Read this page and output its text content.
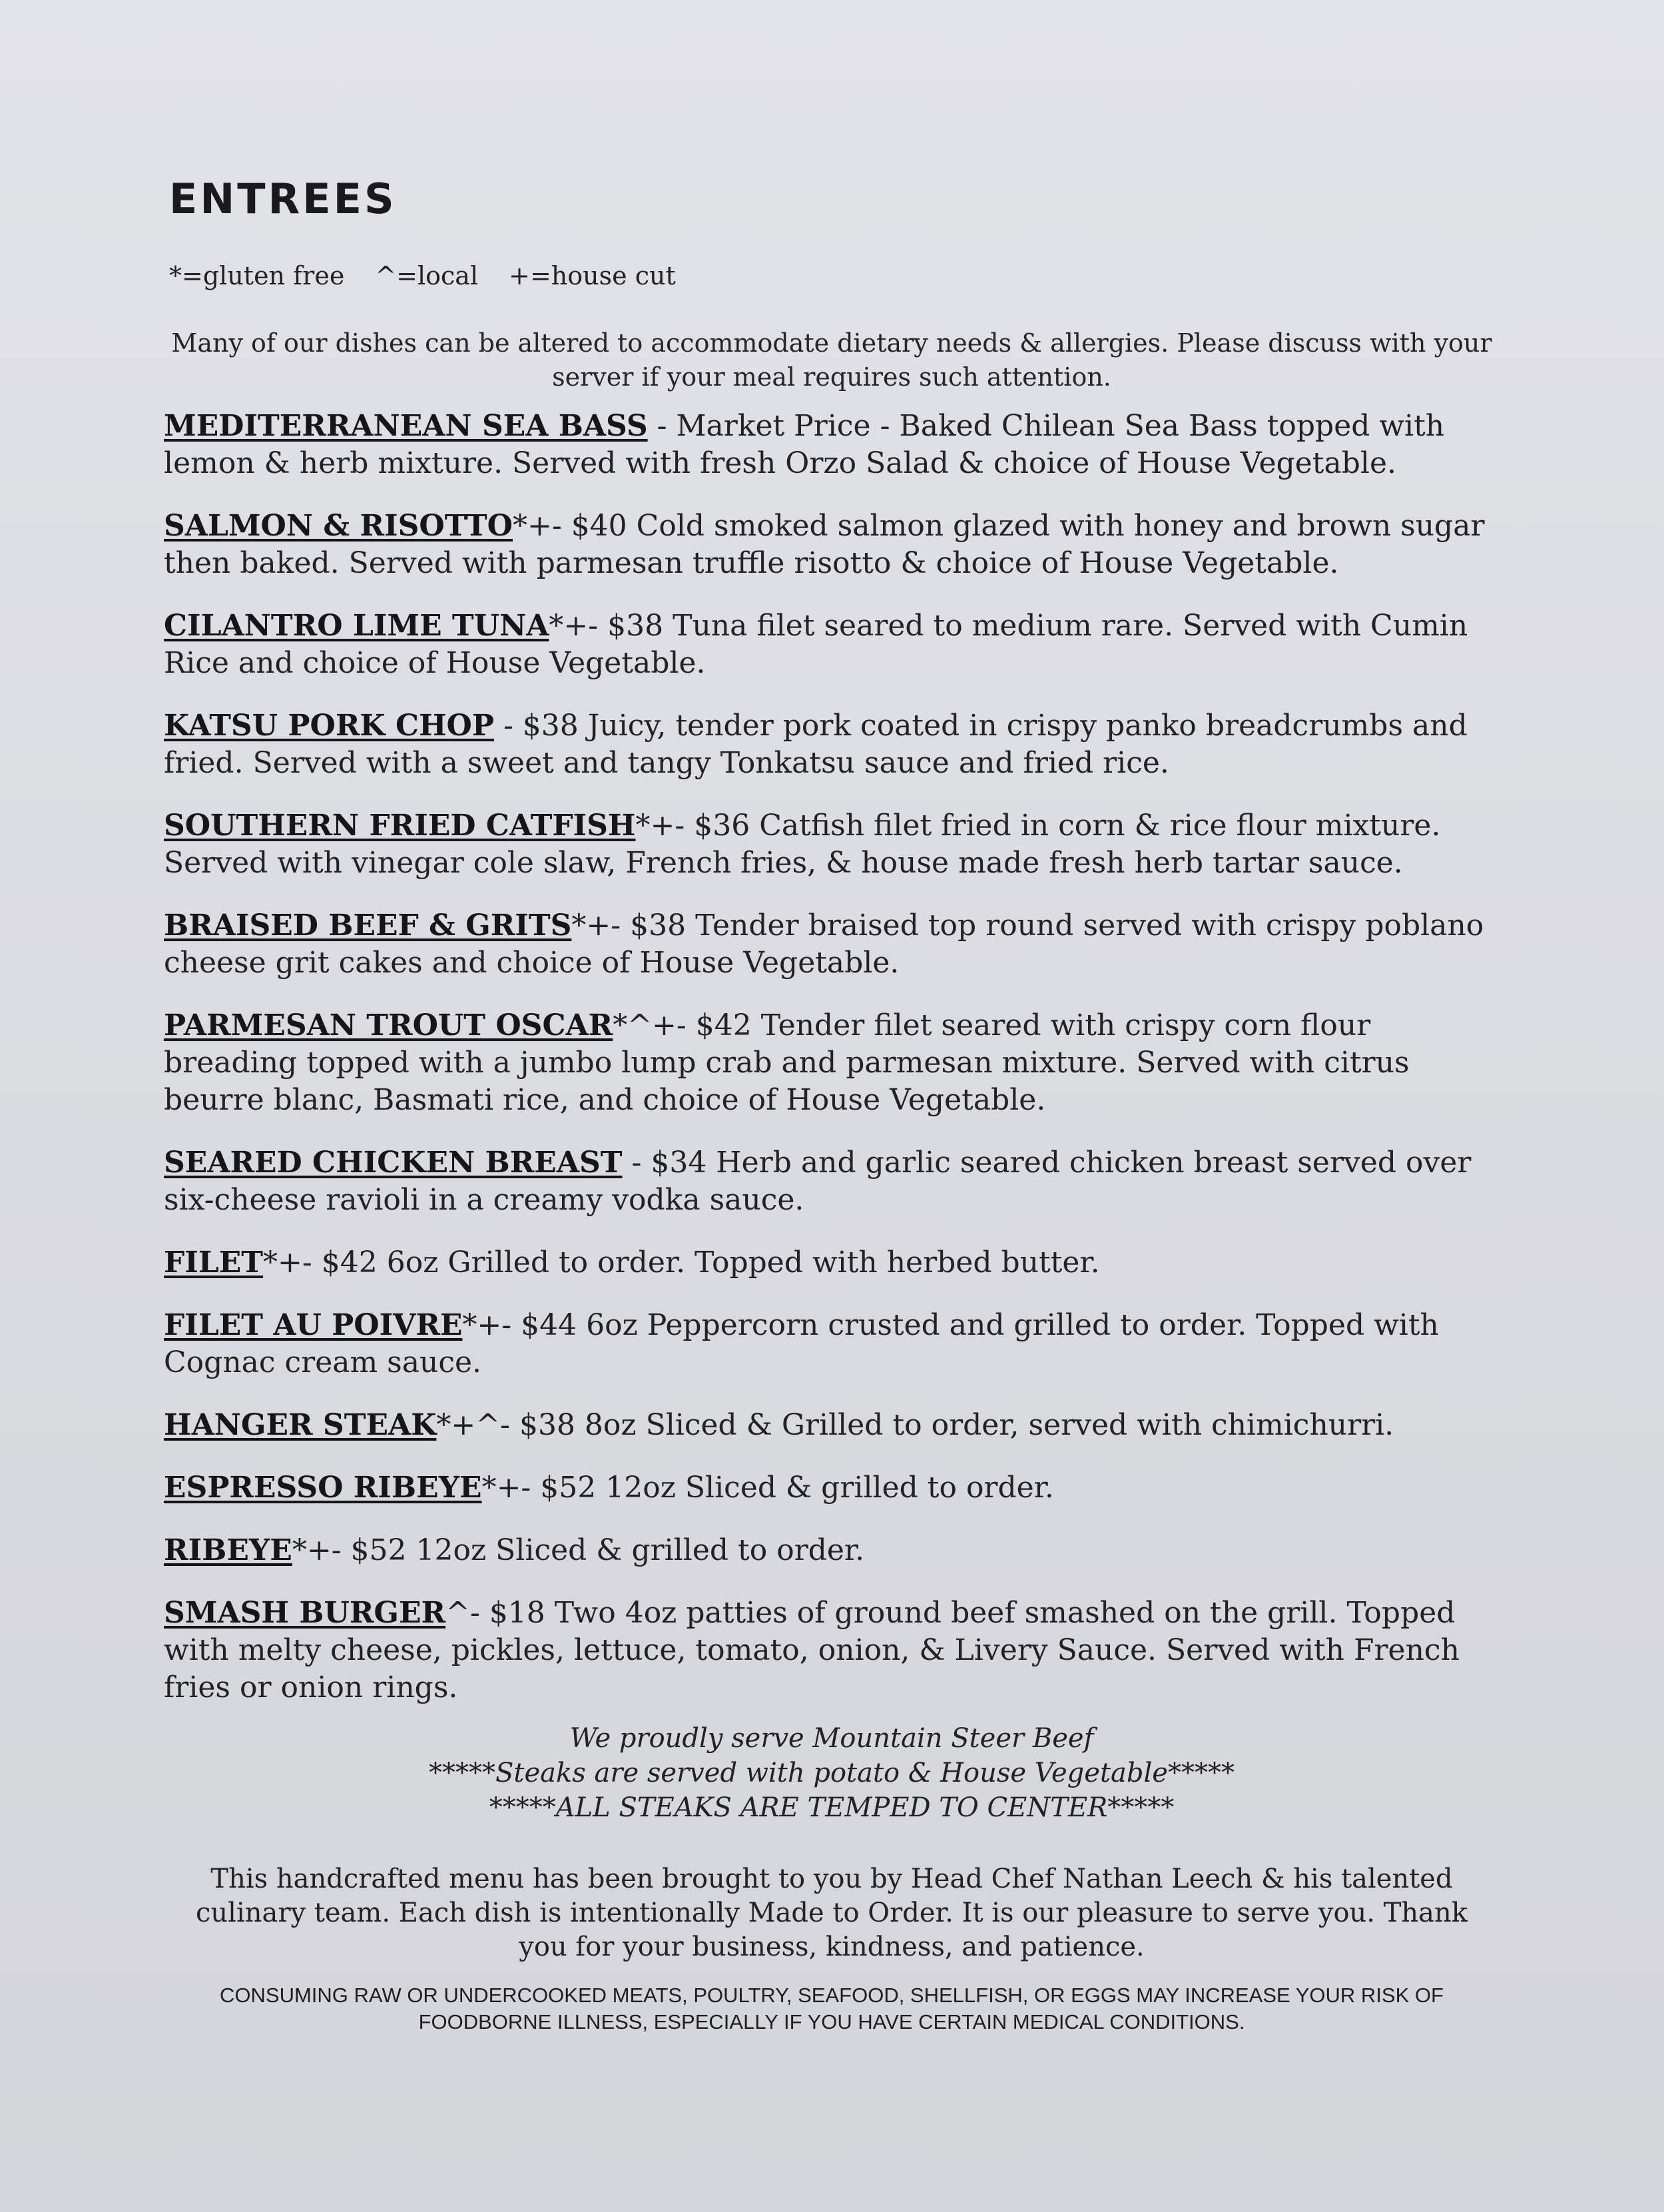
ENTREES
*=gluten free ^=local +=house cut
Many of our dishes can be altered to accommodate dietary needs & allergies. Please discuss with your server if your meal requires such attention.
MEDITERRANEAN SEA BASS - Market Price - Baked Chilean Sea Bass topped with lemon & herb mixture. Served with fresh Orzo Salad & choice of House Vegetable.
SALMON & RISOTTO*+- $40 Cold smoked salmon glazed with honey and brown sugar then baked. Served with parmesan truffle risotto & choice of House Vegetable.
CILANTRO LIME TUNA*+- $38 Tuna filet seared to medium rare. Served with Cumin Rice and choice of House Vegetable.
KATSU PORK CHOP - $38 Juicy, tender pork coated in crispy panko breadcrumbs and fried. Served with a sweet and tangy Tonkatsu sauce and fried rice.
SOUTHERN FRIED CATFISH*+- $36 Catfish filet fried in corn & rice flour mixture. Served with vinegar cole slaw, French fries, & house made fresh herb tartar sauce.
BRAISED BEEF & GRITS*+- $38 Tender braised top round served with crispy poblano cheese grit cakes and choice of House Vegetable.
PARMESAN TROUT OSCAR*^+- $42 Tender filet seared with crispy corn flour breading topped with a jumbo lump crab and parmesan mixture. Served with citrus beurre blanc, Basmati rice, and choice of House Vegetable.
SEARED CHICKEN BREAST - $34 Herb and garlic seared chicken breast served over six-cheese ravioli in a creamy vodka sauce.
FILET*+- $42 6oz Grilled to order. Topped with herbed butter.
FILET AU POIVRE*+- $44 6oz Peppercorn crusted and grilled to order. Topped with Cognac cream sauce.
HANGER STEAK*+^- $38 8oz Sliced & Grilled to order, served with chimichurri.
ESPRESSO RIBEYE*+- $52 12oz Sliced & grilled to order.
RIBEYE*+- $52 12oz Sliced & grilled to order.
SMASH BURGER^- $18 Two 4oz patties of ground beef smashed on the grill. Topped with melty cheese, pickles, lettuce, tomato, onion, & Livery Sauce. Served with French fries or onion rings.
We proudly serve Mountain Steer Beef
*****Steaks are served with potato & House Vegetable*****
*****ALL STEAKS ARE TEMPED TO CENTER*****
This handcrafted menu has been brought to you by Head Chef Nathan Leech & his talented culinary team. Each dish is intentionally Made to Order. It is our pleasure to serve you. Thank you for your business, kindness, and patience.
CONSUMING RAW OR UNDERCOOKED MEATS, POULTRY, SEAFOOD, SHELLFISH, OR EGGS MAY INCREASE YOUR RISK OF FOODBORNE ILLNESS, ESPECIALLY IF YOU HAVE CERTAIN MEDICAL CONDITIONS.
